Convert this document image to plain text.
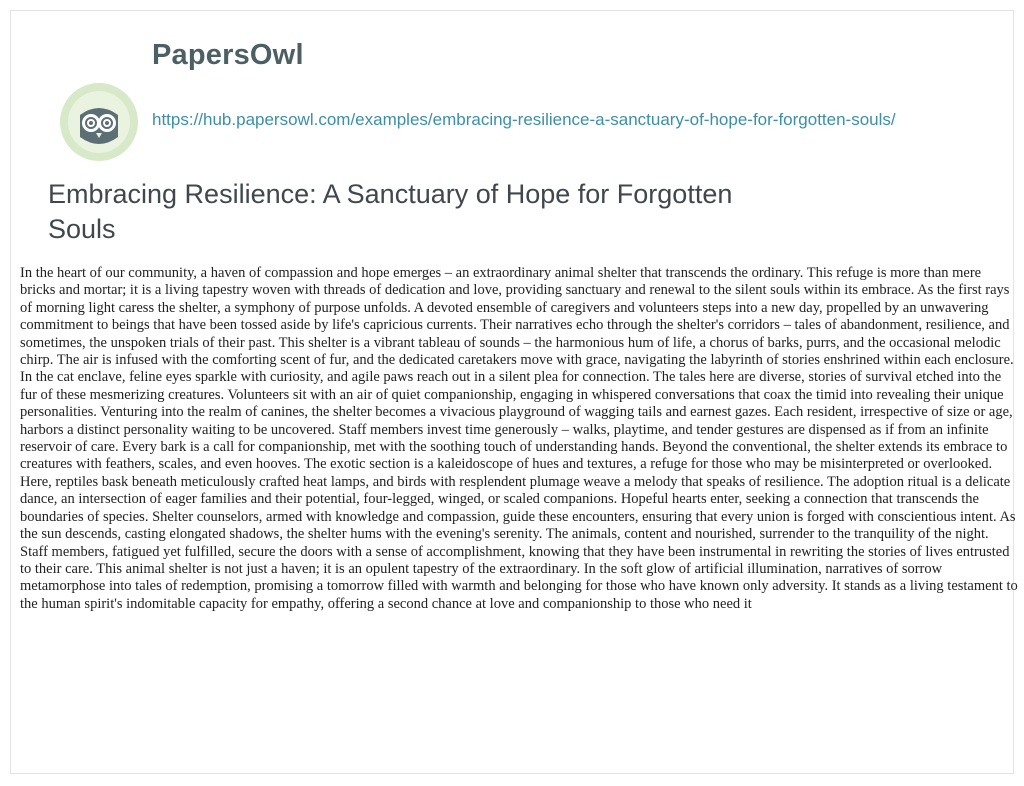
PapersOwl
https://hub.papersowl.com/examples/embracing-resilience-a-sanctuary-of-hope-for-forgotten-souls/
Embracing Resilience: A Sanctuary of Hope for Forgotten Souls
In the heart of our community, a haven of compassion and hope emerges – an extraordinary animal shelter that transcends the ordinary. This refuge is more than mere bricks and mortar; it is a living tapestry woven with threads of dedication and love, providing sanctuary and renewal to the silent souls within its embrace. As the first rays of morning light caress the shelter, a symphony of purpose unfolds. A devoted ensemble of caregivers and volunteers steps into a new day, propelled by an unwavering commitment to beings that have been tossed aside by life's capricious currents. Their narratives echo through the shelter's corridors – tales of abandonment, resilience, and sometimes, the unspoken trials of their past. This shelter is a vibrant tableau of sounds – the harmonious hum of life, a chorus of barks, purrs, and the occasional melodic chirp. The air is infused with the comforting scent of fur, and the dedicated caretakers move with grace, navigating the labyrinth of stories enshrined within each enclosure. In the cat enclave, feline eyes sparkle with curiosity, and agile paws reach out in a silent plea for connection. The tales here are diverse, stories of survival etched into the fur of these mesmerizing creatures. Volunteers sit with an air of quiet companionship, engaging in whispered conversations that coax the timid into revealing their unique personalities. Venturing into the realm of canines, the shelter becomes a vivacious playground of wagging tails and earnest gazes. Each resident, irrespective of size or age, harbors a distinct personality waiting to be uncovered. Staff members invest time generously – walks, playtime, and tender gestures are dispensed as if from an infinite reservoir of care. Every bark is a call for companionship, met with the soothing touch of understanding hands. Beyond the conventional, the shelter extends its embrace to creatures with feathers, scales, and even hooves. The exotic section is a kaleidoscope of hues and textures, a refuge for those who may be misinterpreted or overlooked. Here, reptiles bask beneath meticulously crafted heat lamps, and birds with resplendent plumage weave a melody that speaks of resilience. The adoption ritual is a delicate dance, an intersection of eager families and their potential, four-legged, winged, or scaled companions. Hopeful hearts enter, seeking a connection that transcends the boundaries of species. Shelter counselors, armed with knowledge and compassion, guide these encounters, ensuring that every union is forged with conscientious intent. As the sun descends, casting elongated shadows, the shelter hums with the evening's serenity. The animals, content and nourished, surrender to the tranquility of the night. Staff members, fatigued yet fulfilled, secure the doors with a sense of accomplishment, knowing that they have been instrumental in rewriting the stories of lives entrusted to their care. This animal shelter is not just a haven; it is an opulent tapestry of the extraordinary. In the soft glow of artificial illumination, narratives of sorrow metamorphose into tales of redemption, promising a tomorrow filled with warmth and belonging for those who have known only adversity. It stands as a living testament to the human spirit's indomitable capacity for empathy, offering a second chance at love and companionship to those who need it
